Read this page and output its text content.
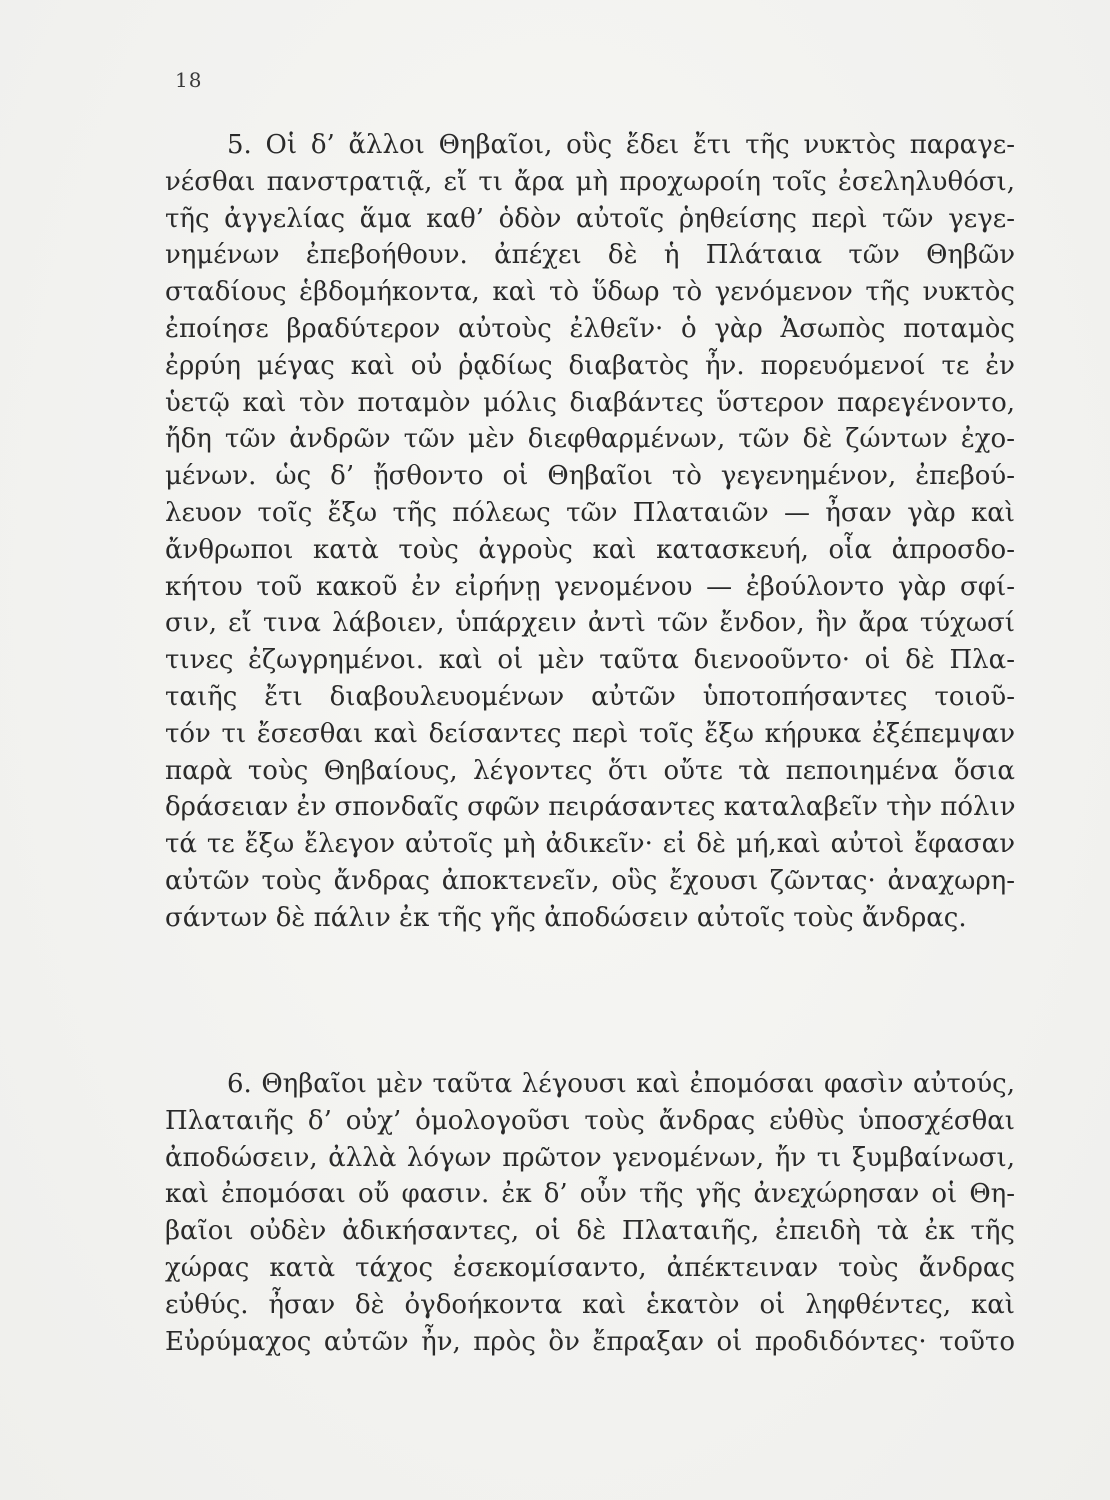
18
5. Οἱ δ’ ἄλλοι Θηβαῖοι, οὓς ἔδει ἔτι τῆς νυκτὸς παραγε-
νέσθαι πανστρατιᾷ, εἴ τι ἄρα μὴ προχωροίη τοῖς ἐσεληλυθόσι,
τῆς ἀγγελίας ἅμα καθ’ ὁδὸν αὐτοῖς ῥηθείσης περὶ τῶν γεγε-
νημένων ἐπεβοήθουν. ἀπέχει δὲ ἡ Πλάταια τῶν Θηβῶν
σταδίους ἑβδομήκοντα, καὶ τὸ ὕδωρ τὸ γενόμενον τῆς νυκτὸς
ἐποίησε βραδύτερον αὐτοὺς ἐλθεῖν· ὁ γὰρ Ἀσωπὸς ποταμὸς
ἐρρύη μέγας καὶ οὐ ῥᾳδίως διαβατὸς ἦν. πορευόμενοί τε ἐν
ὑετῷ καὶ τὸν ποταμὸν μόλις διαβάντες ὕστερον παρεγένοντο,
ἤδη τῶν ἀνδρῶν τῶν μὲν διεφθαρμένων, τῶν δὲ ζώντων ἐχο-
μένων. ὡς δ’ ᾔσθοντο οἱ Θηβαῖοι τὸ γεγενημένον, ἐπεβού-
λευον τοῖς ἔξω τῆς πόλεως τῶν Πλαταιῶν — ἦσαν γὰρ καὶ
ἄνθρωποι κατὰ τοὺς ἀγροὺς καὶ κατασκευή, οἷα ἀπροσδο-
κήτου τοῦ κακοῦ ἐν εἰρήνῃ γενομένου — ἐβούλοντο γὰρ σφί-
σιν, εἴ τινα λάβοιεν, ὑπάρχειν ἀντὶ τῶν ἔνδον, ἢν ἄρα τύχωσί
τινες ἐζωγρημένοι. καὶ οἱ μὲν ταῦτα διενοοῦντο· οἱ δὲ Πλα-
ταιῆς ἔτι διαβουλευομένων αὐτῶν ὑποτοπήσαντες τοιοῦ-
τόν τι ἔσεσθαι καὶ δείσαντες περὶ τοῖς ἔξω κήρυκα ἐξέπεμψαν
παρὰ τοὺς Θηβαίους, λέγοντες ὅτι οὔτε τὰ πεποιημένα ὅσια
δράσειαν ἐν σπονδαῖς σφῶν πειράσαντες καταλαβεῖν τὴν πόλιν
τά τε ἔξω ἔλεγον αὐτοῖς μὴ ἀδικεῖν· εἰ δὲ μή,καὶ αὐτοὶ ἔφασαν
αὐτῶν τοὺς ἄνδρας ἀποκτενεῖν, οὓς ἔχουσι ζῶντας· ἀναχωρη-
σάντων δὲ πάλιν ἐκ τῆς γῆς ἀποδώσειν αὐτοῖς τοὺς ἄνδρας.
6. Θηβαῖοι μὲν ταῦτα λέγουσι καὶ ἐπομόσαι φασὶν αὐτούς,
Πλαταιῆς δ’ οὐχ’ ὁμολογοῦσι τοὺς ἄνδρας εὐθὺς ὑποσχέσθαι
ἀποδώσειν, ἀλλὰ λόγων πρῶτον γενομένων, ἤν τι ξυμβαίνωσι,
καὶ ἐπομόσαι οὔ φασιν. ἐκ δ’ οὖν τῆς γῆς ἀνεχώρησαν οἱ Θη-
βαῖοι οὐδὲν ἀδικήσαντες, οἱ δὲ Πλαταιῆς, ἐπειδὴ τὰ ἐκ τῆς
χώρας κατὰ τάχος ἐσεκομίσαντο, ἀπέκτειναν τοὺς ἄνδρας
εὐθύς. ἦσαν δὲ ὀγδοήκοντα καὶ ἑκατὸν οἱ ληφθέντες, καὶ
Εὐρύμαχος αὐτῶν ἦν, πρὸς ὃν ἔπραξαν οἱ προδιδόντες· τοῦτο
